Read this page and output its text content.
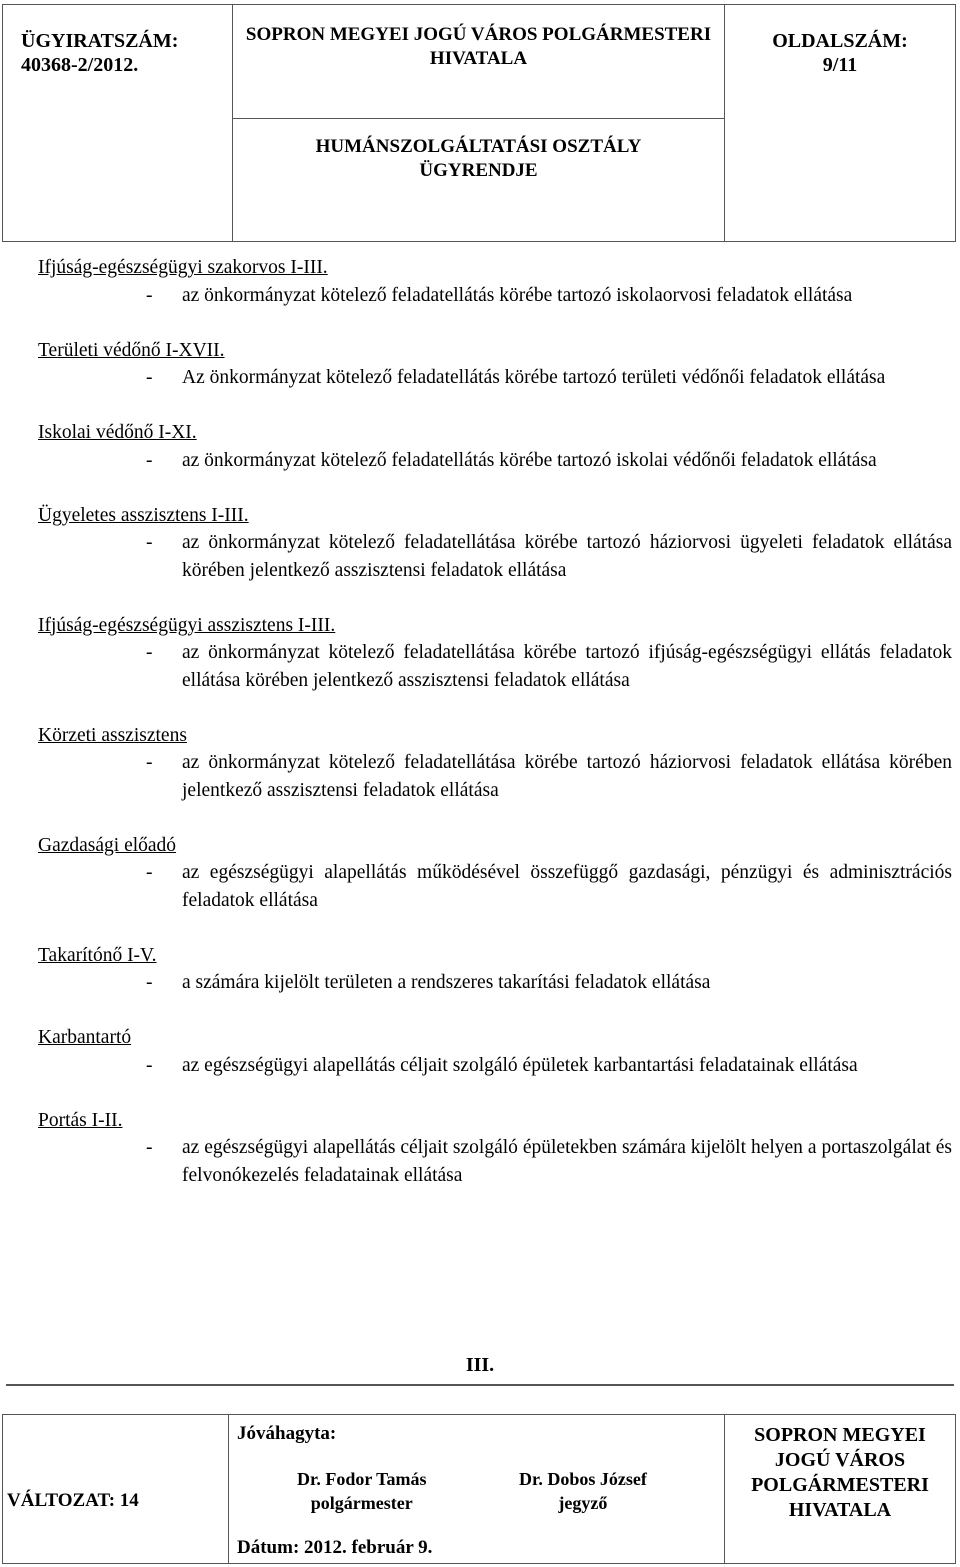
ÜGYIRATSZÁM:
40368-2/2012.
SOPRON MEGYEI JOGÚ VÁROS POLGÁRMESTERI
HIVATALA
HUMÁNSZOLGÁLTATÁSI OSZTÁLY
ÜGYRENDJE
OLDALSZÁM:
9/11
Ifjúság-egészségügyi szakorvos I-III.
- az önkormányzat kötelező feladatellátás körébe tartozó iskolaorvosi feladatok ellátása
Területi védőnő I-XVII.
- Az önkormányzat kötelező feladatellátás körébe tartozó területi védőnői feladatok ellátása
Iskolai védőnő I-XI.
- az önkormányzat kötelező feladatellátás körébe tartozó iskolai védőnői feladatok ellátása
Ügyeletes asszisztens I-III.
- az önkormányzat kötelező feladatellátása körébe tartozó háziorvosi ügyeleti feladatok ellátása körében jelentkező asszisztensi feladatok ellátása
Ifjúság-egészségügyi asszisztens I-III.
- az önkormányzat kötelező feladatellátása körébe tartozó ifjúság-egészségügyi ellátás feladatok ellátása körében jelentkező asszisztensi feladatok ellátása
Körzeti asszisztens
- az önkormányzat kötelező feladatellátása körébe tartozó háziorvosi feladatok ellátása körében jelentkező asszisztensi feladatok ellátása
Gazdasági előadó
- az egészségügyi alapellátás működésével összefüggő gazdasági, pénzügyi és adminisztrációs feladatok ellátása
Takarítónő I-V.
- a számára kijelölt területen a rendszeres takarítási feladatok ellátása
Karbantartó
- az egészségügyi alapellátás céljait szolgáló épületek karbantartási feladatainak ellátása
Portás I-II.
- az egészségügyi alapellátás céljait szolgáló épületekben számára kijelölt helyen a portaszolgálat és felvonókezelés feladatainak ellátása
III.
VÁLTOZAT: 14
Jóváhagyta:
Dr. Fodor Tamás
polgármester
Dr. Dobos József
jegyző
Dátum: 2012. február 9.
SOPRON MEGYEI
JOGÚ VÁROS
POLGÁRMESTERI
HIVATALA
